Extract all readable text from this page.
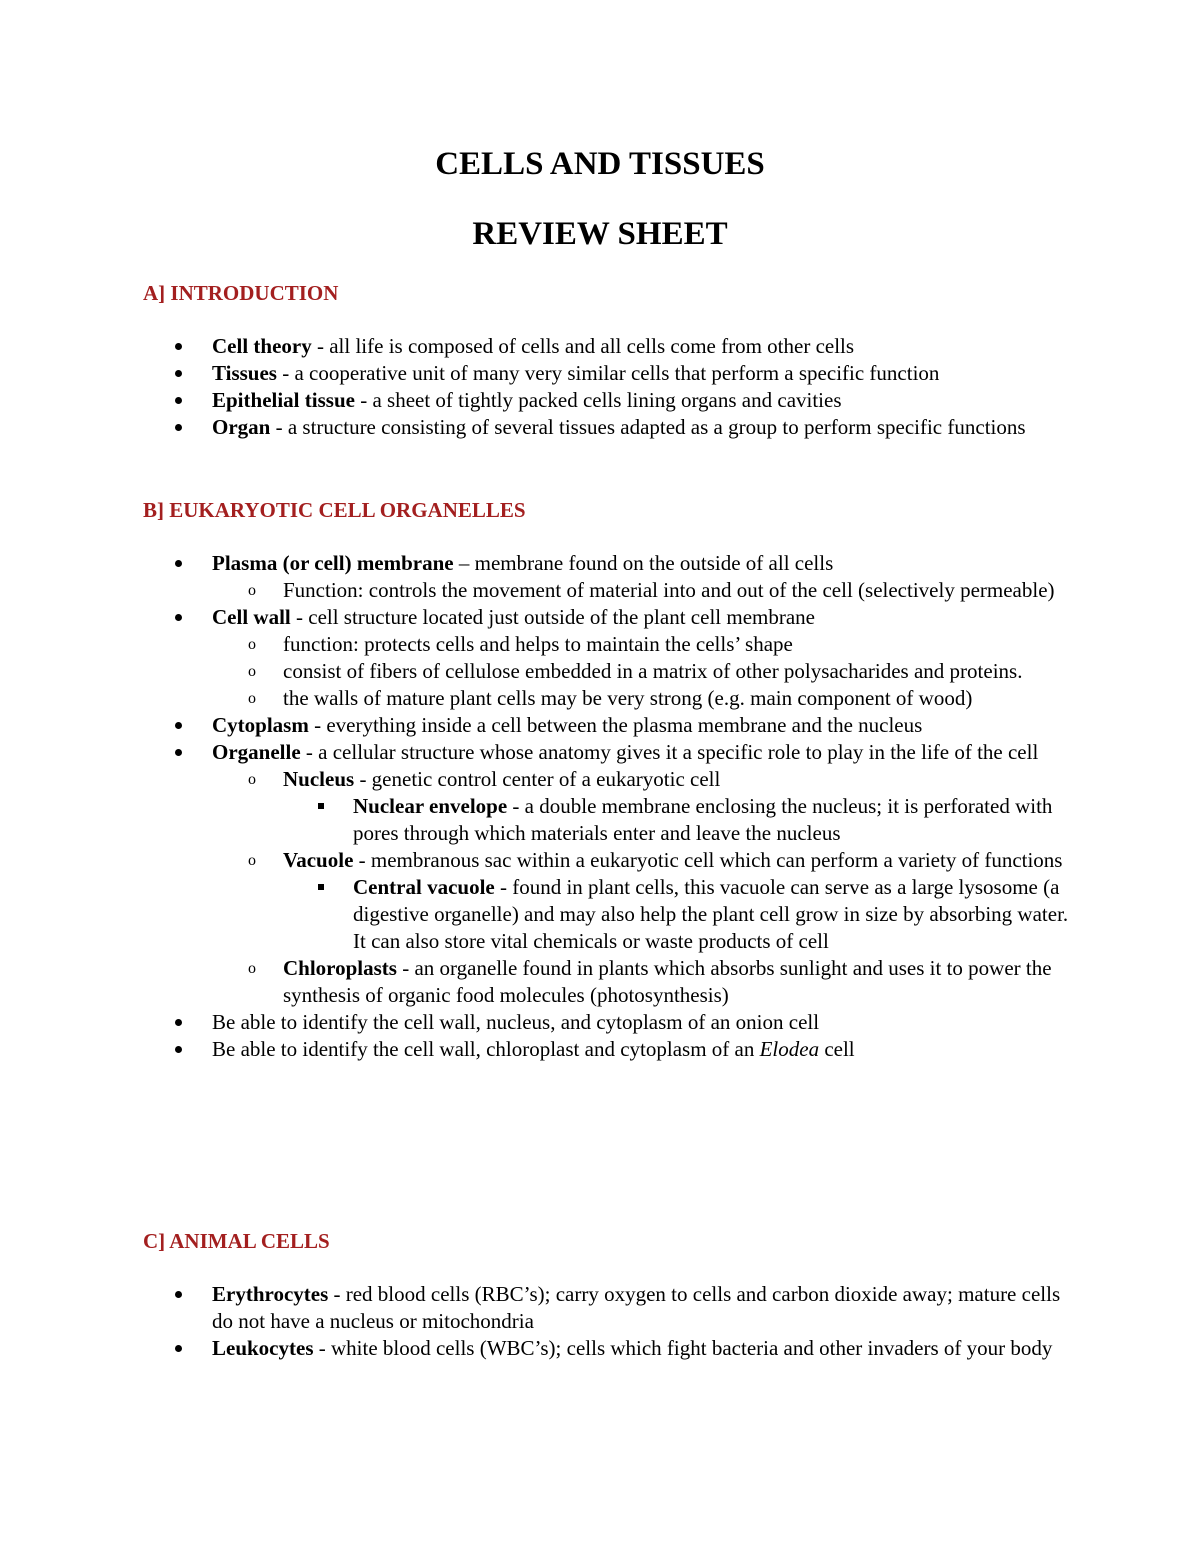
CELLS AND TISSUES
REVIEW SHEET
A] INTRODUCTION
Cell theory - all life is composed of cells and all cells come from other cells
Tissues - a cooperative unit of many very similar cells that perform a specific function
Epithelial tissue - a sheet of tightly packed cells lining organs and cavities
Organ - a structure consisting of several tissues adapted as a group to perform specific functions
B] EUKARYOTIC CELL ORGANELLES
Plasma (or cell) membrane – membrane found on the outside of all cells
o Function: controls the movement of material into and out of the cell (selectively permeable)
Cell wall - cell structure located just outside of the plant cell membrane
o function: protects cells and helps to maintain the cells’ shape
o consist of fibers of cellulose embedded in a matrix of other polysacharides and proteins.
o the walls of mature plant cells may be very strong (e.g. main component of wood)
Cytoplasm - everything inside a cell between the plasma membrane and the nucleus
Organelle - a cellular structure whose anatomy gives it a specific role to play in the life of the cell
o Nucleus - genetic control center of a eukaryotic cell
Nuclear envelope - a double membrane enclosing the nucleus; it is perforated with pores through which materials enter and leave the nucleus
o Vacuole - membranous sac within a eukaryotic cell which can perform a variety of functions
Central vacuole - found in plant cells, this vacuole can serve as a large lysosome (a digestive organelle) and may also help the plant cell grow in size by absorbing water. It can also store vital chemicals or waste products of cell
o Chloroplasts - an organelle found in plants which absorbs sunlight and uses it to power the synthesis of organic food molecules (photosynthesis)
Be able to identify the cell wall, nucleus, and cytoplasm of an onion cell
Be able to identify the cell wall, chloroplast and cytoplasm of an Elodea cell
C] ANIMAL CELLS
Erythrocytes - red blood cells (RBC’s); carry oxygen to cells and carbon dioxide away; mature cells do not have a nucleus or mitochondria
Leukocytes - white blood cells (WBC’s); cells which fight bacteria and other invaders of your body
